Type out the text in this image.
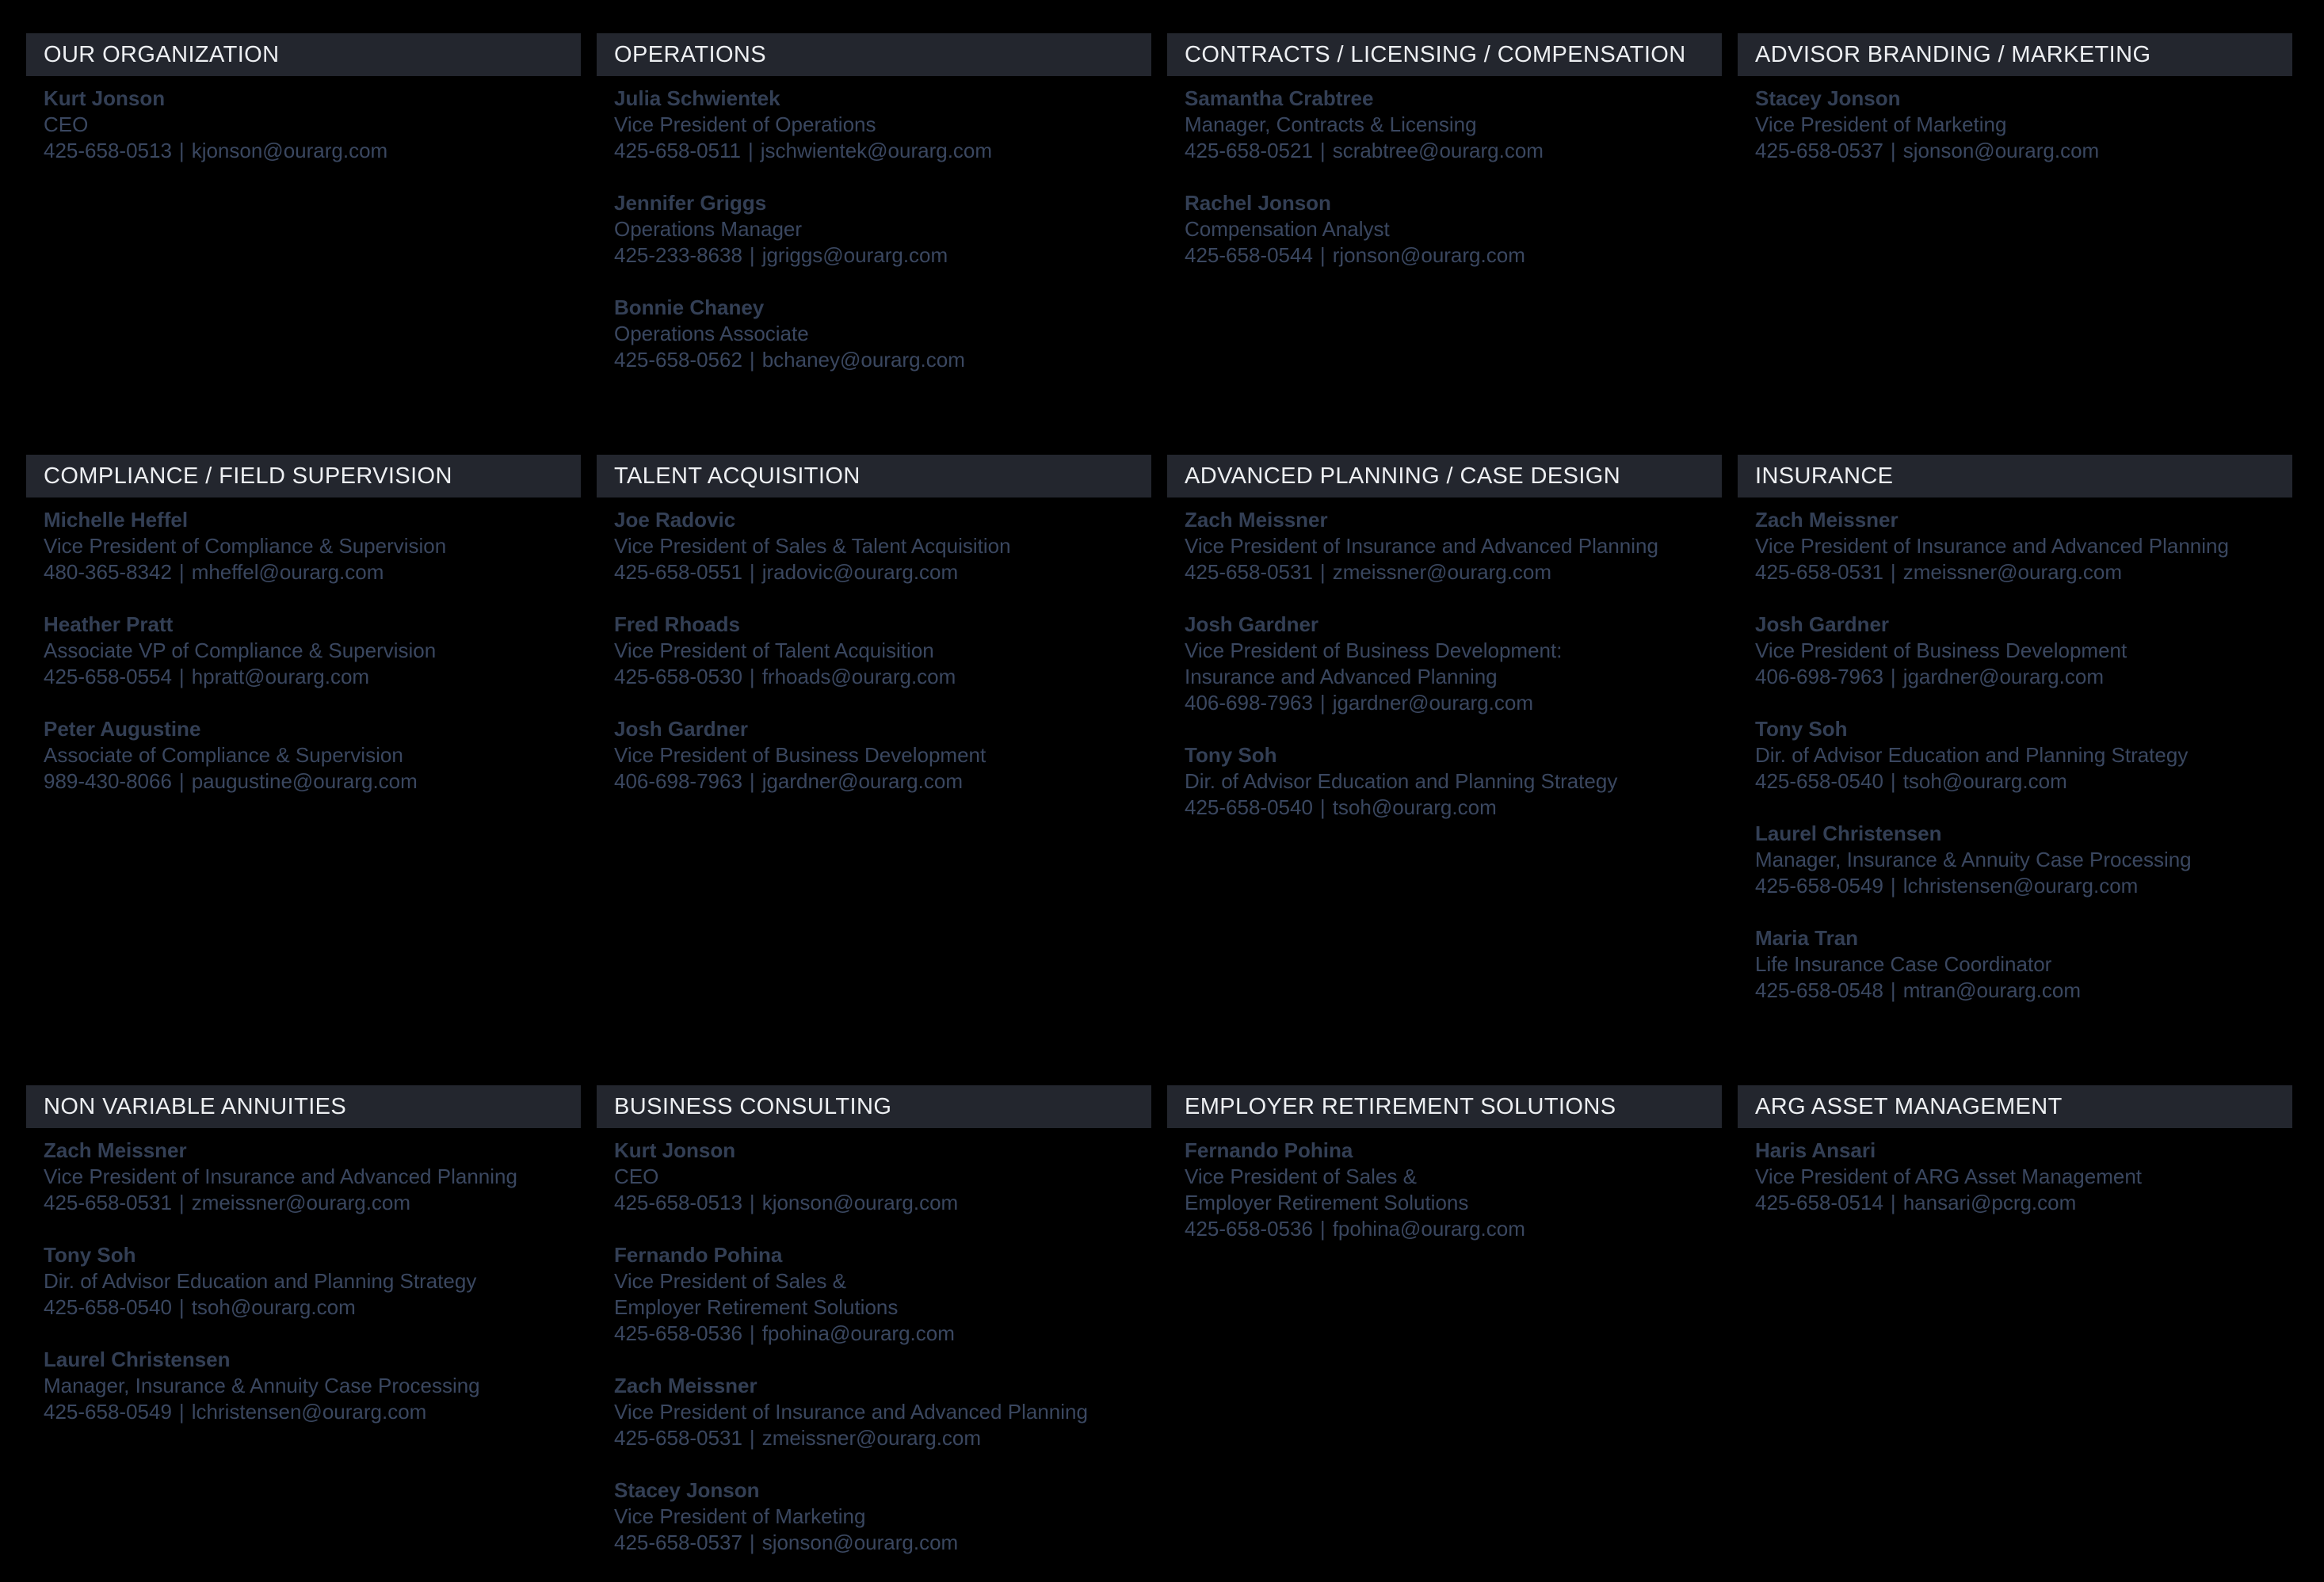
OUR ORGANIZATION
Kurt Jonson
CEO
425-658-0513 | kjonson@ourarg.com
OPERATIONS
Julia Schwientek
Vice President of Operations
425-658-0511 | jschwientek@ourarg.com
Jennifer Griggs
Operations Manager
425-233-8638 | jgriggs@ourarg.com
Bonnie Chaney
Operations Associate
425-658-0562 | bchaney@ourarg.com
CONTRACTS / LICENSING / COMPENSATION
Samantha Crabtree
Manager, Contracts & Licensing
425-658-0521 | scrabtree@ourarg.com
Rachel Jonson
Compensation Analyst
425-658-0544 | rjonson@ourarg.com
ADVISOR BRANDING / MARKETING
Stacey Jonson
Vice President of Marketing
425-658-0537 | sjonson@ourarg.com
COMPLIANCE / FIELD SUPERVISION
Michelle Heffel
Vice President of Compliance & Supervision
480-365-8342 | mheffel@ourarg.com
Heather Pratt
Associate VP of Compliance & Supervision
425-658-0554 | hpratt@ourarg.com
Peter Augustine
Associate of Compliance & Supervision
989-430-8066 | paugustine@ourarg.com
TALENT ACQUISITION
Joe Radovic
Vice President of Sales & Talent Acquisition
425-658-0551 | jradovic@ourarg.com
Fred Rhoads
Vice President of Talent Acquisition
425-658-0530 | frhoads@ourarg.com
Josh Gardner
Vice President of Business Development
406-698-7963 | jgardner@ourarg.com
ADVANCED PLANNING / CASE DESIGN
Zach Meissner
Vice President of Insurance and Advanced Planning
425-658-0531 | zmeissner@ourarg.com
Josh Gardner
Vice President of Business Development:
Insurance and Advanced Planning
406-698-7963 | jgardner@ourarg.com
Tony Soh
Dir. of Advisor Education and Planning Strategy
425-658-0540 | tsoh@ourarg.com
INSURANCE
Zach Meissner
Vice President of Insurance and Advanced Planning
425-658-0531 | zmeissner@ourarg.com
Josh Gardner
Vice President of Business Development
406-698-7963 | jgardner@ourarg.com
Tony Soh
Dir. of Advisor Education and Planning Strategy
425-658-0540 | tsoh@ourarg.com
Laurel Christensen
Manager, Insurance & Annuity Case Processing
425-658-0549 | lchristensen@ourarg.com
Maria Tran
Life Insurance Case Coordinator
425-658-0548 | mtran@ourarg.com
NON VARIABLE ANNUITIES
Zach Meissner
Vice President of Insurance and Advanced Planning
425-658-0531 | zmeissner@ourarg.com
Tony Soh
Dir. of Advisor Education and Planning Strategy
425-658-0540 | tsoh@ourarg.com
Laurel Christensen
Manager, Insurance & Annuity Case Processing
425-658-0549 | lchristensen@ourarg.com
BUSINESS CONSULTING
Kurt Jonson
CEO
425-658-0513 | kjonson@ourarg.com
Fernando Pohina
Vice President of Sales &
Employer Retirement Solutions
425-658-0536 | fpohina@ourarg.com
Zach Meissner
Vice President of Insurance and Advanced Planning
425-658-0531 | zmeissner@ourarg.com
Stacey Jonson
Vice President of Marketing
425-658-0537 | sjonson@ourarg.com
EMPLOYER RETIREMENT SOLUTIONS
Fernando Pohina
Vice President of Sales &
Employer Retirement Solutions
425-658-0536 | fpohina@ourarg.com
ARG ASSET MANAGEMENT
Haris Ansari
Vice President of ARG Asset Management
425-658-0514 | hansari@pcrg.com
